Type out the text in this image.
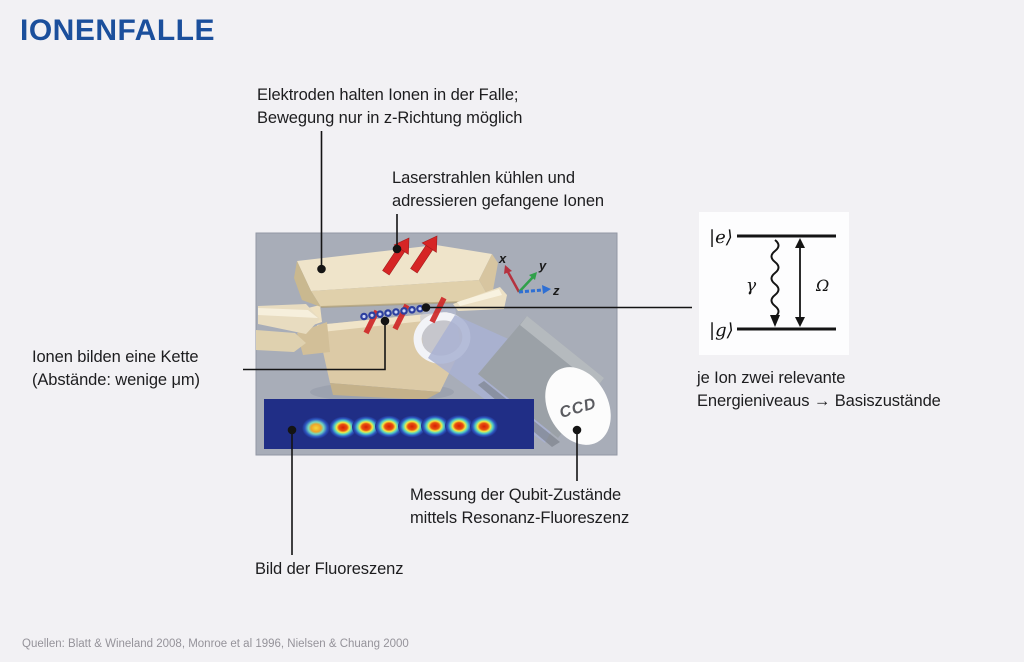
IONENFALLE
Elektroden halten Ionen in der Falle;
Bewegung nur in z-Richtung möglich
Laserstrahlen kühlen und
adressieren gefangene Ionen
Ionen bilden eine Kette
(Abstände: wenige μm)	je Ion zwei relevante
Energieniveaus → Basiszustände
Messung der Qubit-Zustände
mittels Resonanz-Fluoreszenz
Bild der Fluoreszenz
x	y
z
CCD
|e⟩
|g⟩
γ	Ω
Quellen: Blatt & Wineland 2008, Monroe et al 1996, Nielsen & Chuang 2000
